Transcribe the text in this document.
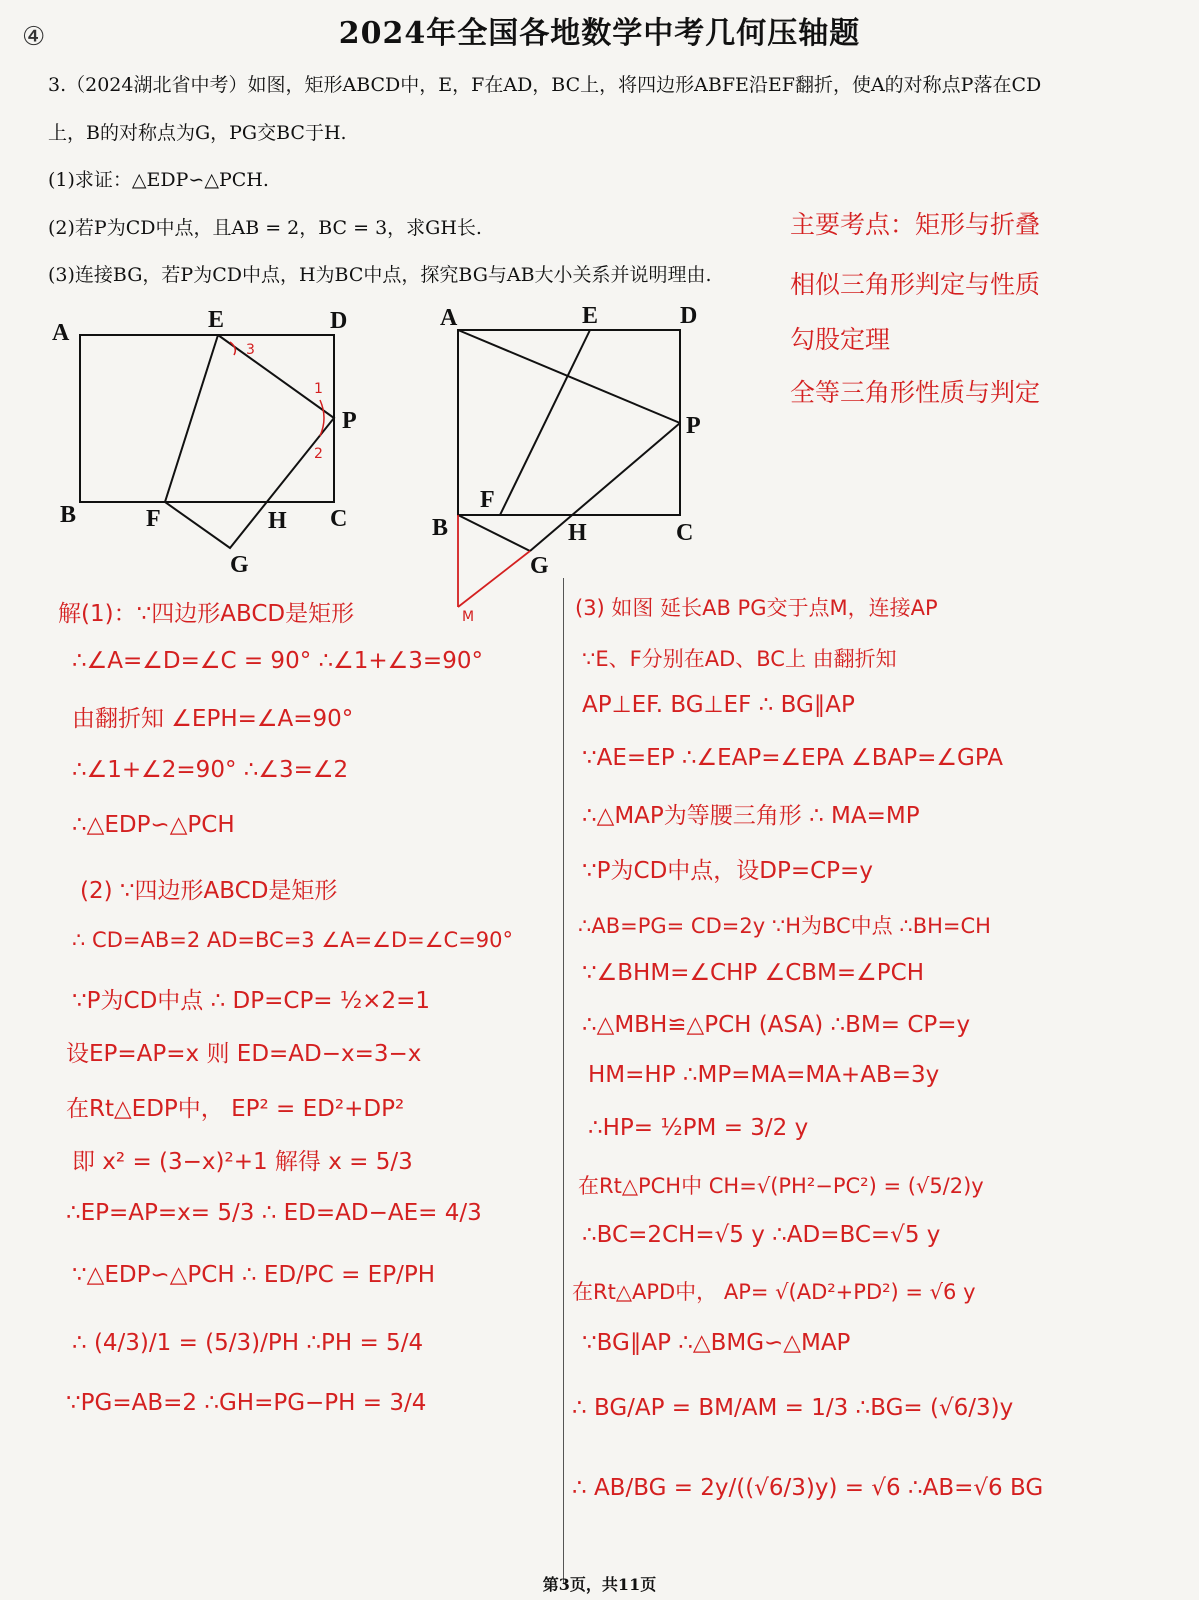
④	2024年全国各地数学中考几何压轴题
3.（2024湖北省中考）如图，矩形ABCD中，E，F在AD，BC上，将四边形ABFE沿EF翻折，使A的对称点P落在CD
上，B的对称点为G，PG交BC于H.
(1)求证：△EDP∽△PCH.
(2)若P为CD中点，且AB = 2，BC = 3，求GH长.
(3)连接BG，若P为CD中点，H为BC中点，探究BG与AB大小关系并说明理由.
主要考点：矩形与折叠
相似三角形判定与性质
勾股定理
全等三角形性质与判定
A	E	D
P
B	F	H C
G
3
1
2
A	E	D
P
F
B	H	C
G
M
解(1)：∵四边形ABCD是矩形
∴∠A=∠D=∠C = 90° ∴∠1+∠3=90°
由翻折知 ∠EPH=∠A=90°
∴∠1+∠2=90° ∴∠3=∠2
∴△EDP∽△PCH
(2) ∵四边形ABCD是矩形
∴ CD=AB=2 AD=BC=3 ∠A=∠D=∠C=90°
∵P为CD中点 ∴ DP=CP= ½×2=1
设EP=AP=x 则 ED=AD−x=3−x
在Rt△EDP中， EP² = ED²+DP²
即 x² = (3−x)²+1 解得 x = 5/3
∴EP=AP=x= 5/3 ∴ ED=AD−AE= 4/3
∵△EDP∽△PCH ∴ ED/PC = EP/PH
∴ (4/3)/1 = (5/3)/PH ∴PH = 5/4
∵PG=AB=2 ∴GH=PG−PH = 3/4
(3) 如图 延长AB PG交于点M，连接AP
∵E、F分别在AD、BC上 由翻折知
AP⊥EF. BG⊥EF ∴ BG∥AP
∵AE=EP ∴∠EAP=∠EPA ∠BAP=∠GPA
∴△MAP为等腰三角形 ∴ MA=MP
∵P为CD中点，设DP=CP=y
∴AB=PG= CD=2y ∵H为BC中点 ∴BH=CH
∵∠BHM=∠CHP ∠CBM=∠PCH
∴△MBH≌△PCH (ASA) ∴BM= CP=y
HM=HP ∴MP=MA=MA+AB=3y
∴HP= ½PM = 3/2 y
在Rt△PCH中 CH=√(PH²−PC²) = (√5/2)y
∴BC=2CH=√5 y ∴AD=BC=√5 y
在Rt△APD中， AP= √(AD²+PD²) = √6 y
∵BG∥AP ∴△BMG∽△MAP
∴ BG/AP = BM/AM = 1/3 ∴BG= (√6/3)y
∴ AB/BG = 2y/((√6/3)y) = √6 ∴AB=√6 BG
第3页，共11页
